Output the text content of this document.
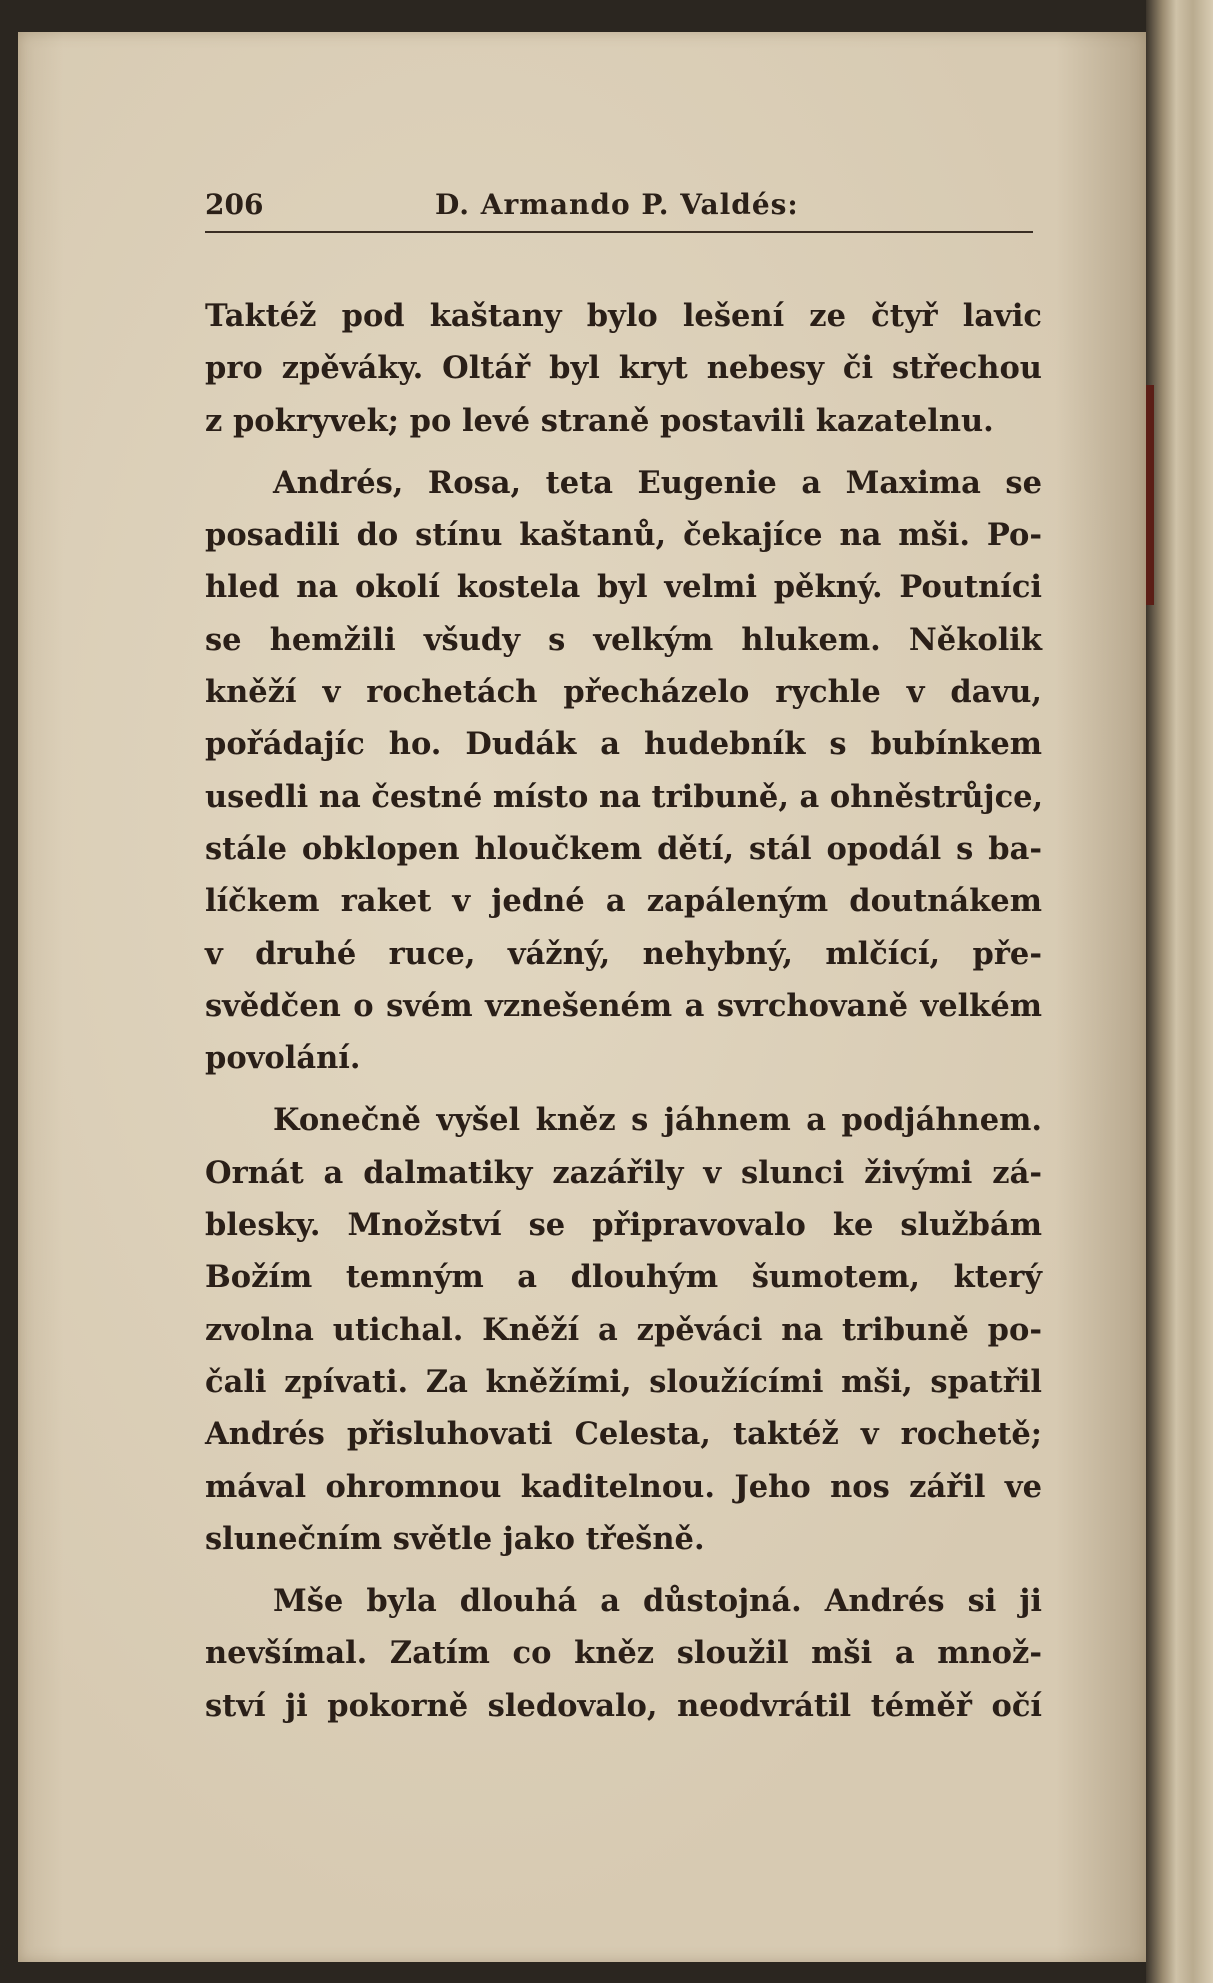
206	D. Armando P. Valdés:
Taktéž pod kaštany bylo lešení ze čtyř lavic
pro zpěváky. Oltář byl kryt nebesy či střechou
z pokryvek; po levé straně postavili kazatelnu.
Andrés, Rosa, teta Eugenie a Maxima se
posadili do stínu kaštanů, čekajíce na mši. Po-
hled na okolí kostela byl velmi pěkný. Poutníci
se hemžili všudy s velkým hlukem. Několik
kněží v rochetách přecházelo rychle v davu,
pořádajíc ho. Dudák a hudebník s bubínkem
usedli na čestné místo na tribuně, a ohněstrůjce,
stále obklopen hloučkem dětí, stál opodál s ba-
líčkem raket v jedné a zapáleným doutnákem
v druhé ruce, vážný, nehybný, mlčící, pře-
svědčen o svém vznešeném a svrchovaně velkém
povolání.
Konečně vyšel kněz s jáhnem a podjáhnem.
Ornát a dalmatiky zazářily v slunci živými zá-
blesky. Množství se připravovalo ke službám
Božím temným a dlouhým šumotem, který
zvolna utichal. Kněží a zpěváci na tribuně po-
čali zpívati. Za kněžími, sloužícími mši, spatřil
Andrés přisluhovati Celesta, taktéž v rochetě;
mával ohromnou kaditelnou. Jeho nos zářil ve
slunečním světle jako třešně.
Mše byla dlouhá a důstojná. Andrés si ji
nevšímal. Zatím co kněz sloužil mši a množ-
ství ji pokorně sledovalo, neodvrátil téměř očí
